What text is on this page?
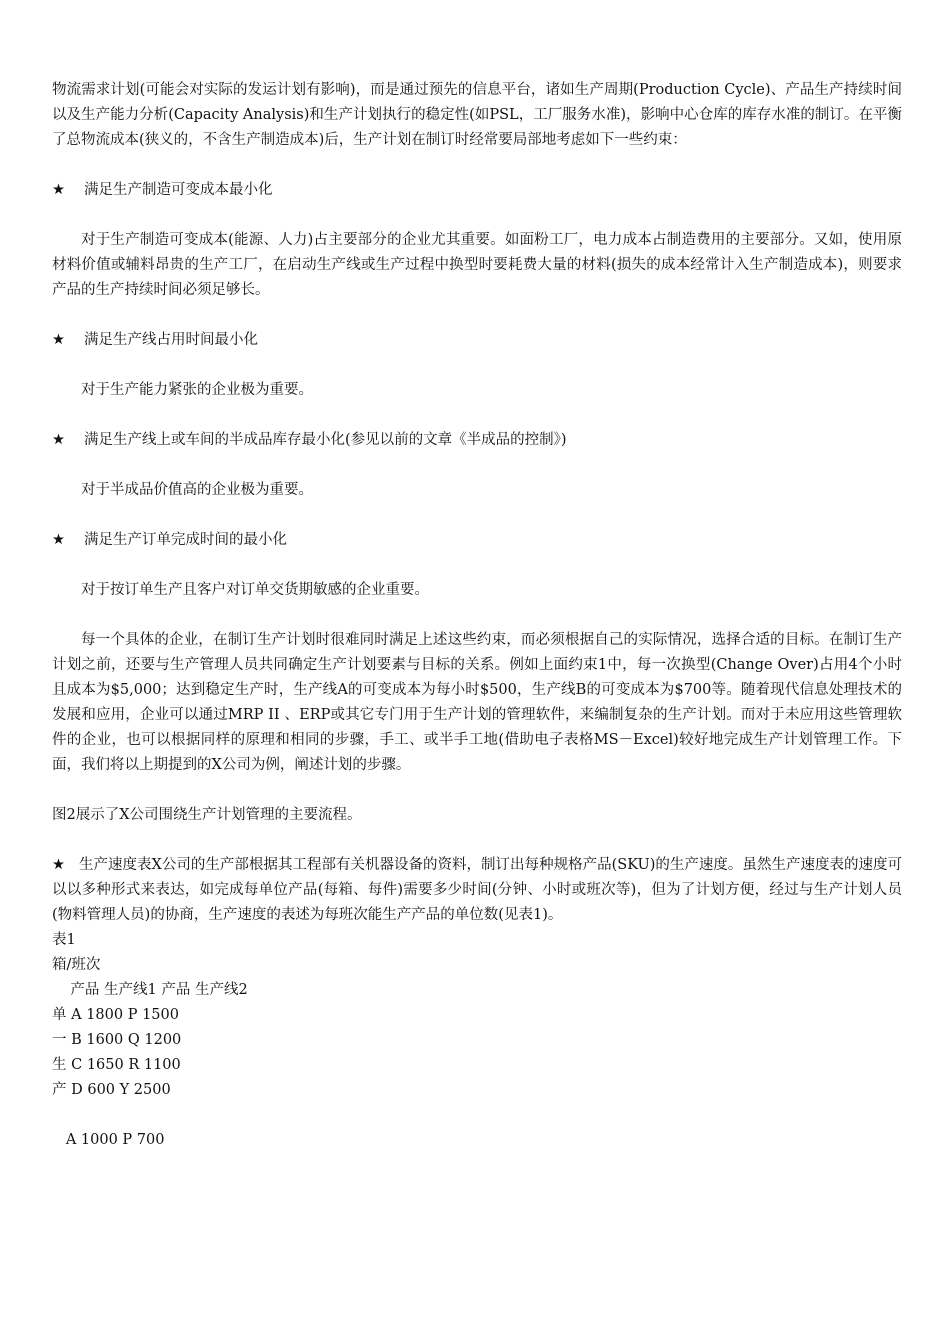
物流需求计划(可能会对实际的发运计划有影响)，而是通过预先的信息平台，诸如生产周期(Production Cycle)、产品生产持续时间以及生产能力分析(Capacity Analysis)和生产计划执行的稳定性(如PSL，工厂服务水准)，影响中心仓库的库存水准的制订。在平衡了总物流成本(狭义的，不含生产制造成本)后，生产计划在制订时经常要局部地考虑如下一些约束：

★	满足生产制造可变成本最小化

对于生产制造可变成本(能源、人力)占主要部分的企业尤其重要。如面粉工厂，电力成本占制造费用的主要部分。又如，使用原材料价值或辅料昂贵的生产工厂，在启动生产线或生产过程中换型时要耗费大量的材料(损失的成本经常计入生产制造成本)，则要求产品的生产持续时间必须足够长。

★	满足生产线占用时间最小化

对于生产能力紧张的企业极为重要。

★	满足生产线上或车间的半成品库存最小化(参见以前的文章《半成品的控制》)

对于半成品价值高的企业极为重要。

★	满足生产订单完成时间的最小化

对于按订单生产且客户对订单交货期敏感的企业重要。

每一个具体的企业，在制订生产计划时很难同时满足上述这些约束，而必须根据自己的实际情况，选择合适的目标。在制订生产计划之前，还要与生产管理人员共同确定生产计划要素与目标的关系。例如上面约束1中，每一次换型(Change Over)占用4个小时且成本为$5,000；达到稳定生产时，生产线A的可变成本为每小时$500，生产线B的可变成本为$700等。随着现代信息处理技术的发展和应用，企业可以通过MRP II 、ERP或其它专门用于生产计划的管理软件，来编制复杂的生产计划。而对于未应用这些管理软件的企业，也可以根据同样的原理和相同的步骤，手工、或半手工地(借助电子表格MS－Excel)较好地完成生产计划管理工作。下面，我们将以上期提到的X公司为例，阐述计划的步骤。

图2展示了X公司围绕生产计划管理的主要流程。

★ 生产速度表X公司的生产部根据其工程部有关机器设备的资料，制订出每种规格产品(SKU)的生产速度。虽然生产速度表的速度可以以多种形式来表达，如完成每单位产品(每箱、每件)需要多少时间(分钟、小时或班次等)，但为了计划方便，经过与生产计划人员(物料管理人员)的协商，生产速度的表述为每班次能生产产品的单位数(见表1)。

表1

箱/班次

产品 生产线1 产品 生产线2

单 A 1800 P 1500

一 B 1600 Q 1200

生 C 1650 R 1100

产 D 600 Y 2500

A 1000 P 700
